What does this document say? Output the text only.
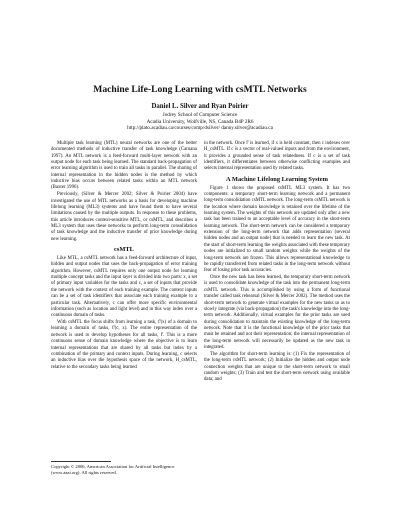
Machine Life-Long Learning with csMTL Networks
Daniel L. Silver and Ryan Poirier
Jodrey School of Computer Science
Acadia University, Wolfville, NS, Canada B4P 2R6
http://plato.acadiau.ca/courses/comp/dsilver/ danny.silver@acadiau.ca

Multiple task learning (MTL) neural networks are one of the better documented methods of inductive transfer of task knowledge (Caruana 1997). An MTL network is a feed-forward multi-layer network with an output node for each task being learned. The standard back-propagation of error learning algorithm is used to train all tasks in parallel. The sharing of internal representation in the hidden nodes is the method by which inductive bias occurs between related tasks within an MTL network (Baxter 1996).

Previously, (Silver & Mercer 2002; Silver & Poirier 2004) have investigated the use of MTL networks as a basis for developing machine lifelong learning (ML3) systems and have found them to have several limitations caused by the multiple outputs. In response to these problems, this article introduces context-sensitive MTL, or csMTL, and describes a ML3 system that uses these networks to perform long-term consolidation of task knowledge and the inductive transfer of prior knowledge during new learning.

csMTL

Like MTL, a csMTL network has a feed-forward architecture of input, hidden and output nodes that uses the back-propagation of error training algorithm. However, csMTL requires only one output node for learning multiple concept tasks and the input layer is divided into two parts: x, a set of primary input variables for the tasks and c, a set of inputs that provide the network with the context of each training example. The context inputs can be a set of task identifiers that associate each training example to a particular task. Alternatively, c can offer more specific environmental information (such as location and light level) and in this way index over a continuous domain of tasks.

With csMTL the focus shifts from learning a task, f'(x) of a domain to learning a domain of tasks, f'(c, x). The entire representation of the network is used to develop hypotheses for all tasks, f'. This is a more continuous sense of domain knowledge where the objective is to learn internal representations that are shared by all tasks but index by a combination of the primary and context inputs. During learning, c selects an inductive bias over the hypothesis space of the network, H_csMTL, relative to the secondary tasks being learned

Copyright © 2006, American Association for Artificial Intelligence (www.aaai.org). All rights reserved.

in the network. Once f' is learned, if x is held constant, then c indexes over H_csMTL. If c is a vector of real-valued inputs and from the environment, it provides a grounded sense of task relatedness. If c is a set of task identifiers, it differentiates between otherwise conflicting examples and selects internal representation used by related tasks.

A Machine Lifelong Learning System

Figure 1 shows the proposed csMTL ML3 system. It has two components: a temporary short-term learning network and a permanent long-term consolidation csMTL network. The long-term csMTL network is the location where domain knowledge is retained over the lifetime of the learning system. The weights of this network are updated only after a new task has been trained to an acceptable level of accuracy in the short-term learning network. The short-term network can be considered a temporary extension of the long-term network that adds representation (several hidden nodes and an output node) that is needed to learn the new task. At the start of short-term learning the weights associated with these temporary nodes are initialized to small random weights while the weights of the long-term network are frozen. This allows representational knowledge to be rapidly transferred from related tasks in the long-term network without fear of losing prior task accuracies.

Once the new task has been learned, the temporary short-term network is used to consolidate knowledge of the task into the permanent long-term csMTL network. This is accomplished by using a form of functional transfer called task rehearsal (Silver & Mercer 2002). The method uses the short-term network to generate virtual examples for the new tasks so as to slowly integrate (via back-propagation) the task's knowledge into the long-term network. Additionally, virtual examples for the prior tasks are used during consolidation to maintain the existing knowledge of the long-term network. Note that it is the functional knowledge of the prior tasks that must be retained and not their representation; the internal representation of the long-term network will necessarily be updated as the new task in integrated.

The algorithm for short-term learning is: (1) Fix the representation of the long-term csMTL network; (2) Initialize the hidden and output node connection weights that are unique to the short-term network to small random weights; (3) Train and test the short-term network using available data; and
